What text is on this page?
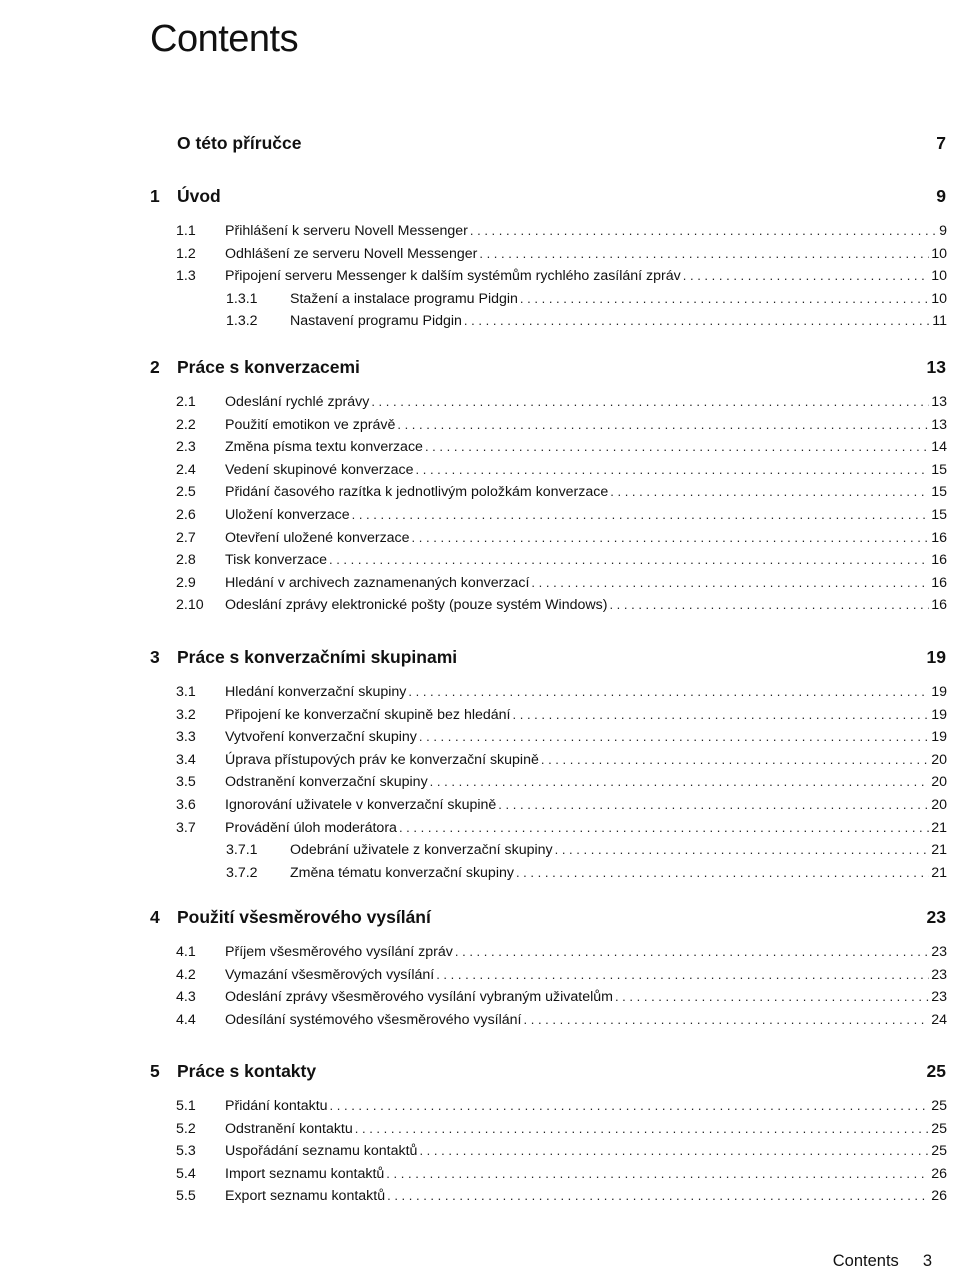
Contents
O této příručce	7
1 Úvod	9
1.1 Přihlášení k serveru Novell Messenger . . .	9
1.2 Odhlášení ze serveru Novell Messenger . . .	10
1.3 Připojení serveru Messenger k dalším systémům rychlého zasílání zpráv . . .	10
1.3.1 Stažení a instalace programu Pidgin . . .	10
1.3.2 Nastavení programu Pidgin . . .	11
2 Práce s konverzacemi	13
2.1 Odeslání rychlé zprávy . . .	13
2.2 Použití emotikon ve zprávě . . .	13
2.3 Změna písma textu konverzace . . .	14
2.4 Vedení skupinové konverzace . . .	15
2.5 Přidání časového razítka k jednotlivým položkám konverzace . . .	15
2.6 Uložení konverzace . . .	15
2.7 Otevření uložené konverzace . . .	16
2.8 Tisk konverzace . . .	16
2.9 Hledání v archivech zaznamenaných konverzací . . .	16
2.10 Odeslání zprávy elektronické pošty (pouze systém Windows) . . .	16
3 Práce s konverzačními skupinami	19
3.1 Hledání konverzační skupiny . . .	19
3.2 Připojení ke konverzační skupině bez hledání . . .	19
3.3 Vytvoření konverzační skupiny . . .	19
3.4 Úprava přístupových práv ke konverzační skupině . . .	20
3.5 Odstranění konverzační skupiny . . .	20
3.6 Ignorování uživatele v konverzační skupině . . .	20
3.7 Provádění úloh moderátora . . .	21
3.7.1 Odebrání uživatele z konverzační skupiny . . .	21
3.7.2 Změna tématu konverzační skupiny . . .	21
4 Použití všesměrového vysílání	23
4.1 Příjem všesměrového vysílání zpráv . . .	23
4.2 Vymazání všesměrových vysílání . . .	23
4.3 Odeslání zprávy všesměrového vysílání vybraným uživatelům . . .	23
4.4 Odesílání systémového všesměrového vysílání . . .	24
5 Práce s kontakty	25
5.1 Přidání kontaktu . . .	25
5.2 Odstranění kontaktu . . .	25
5.3 Uspořádání seznamu kontaktů . . .	25
5.4 Import seznamu kontaktů . . .	26
5.5 Export seznamu kontaktů . . .	26
Contents 3
